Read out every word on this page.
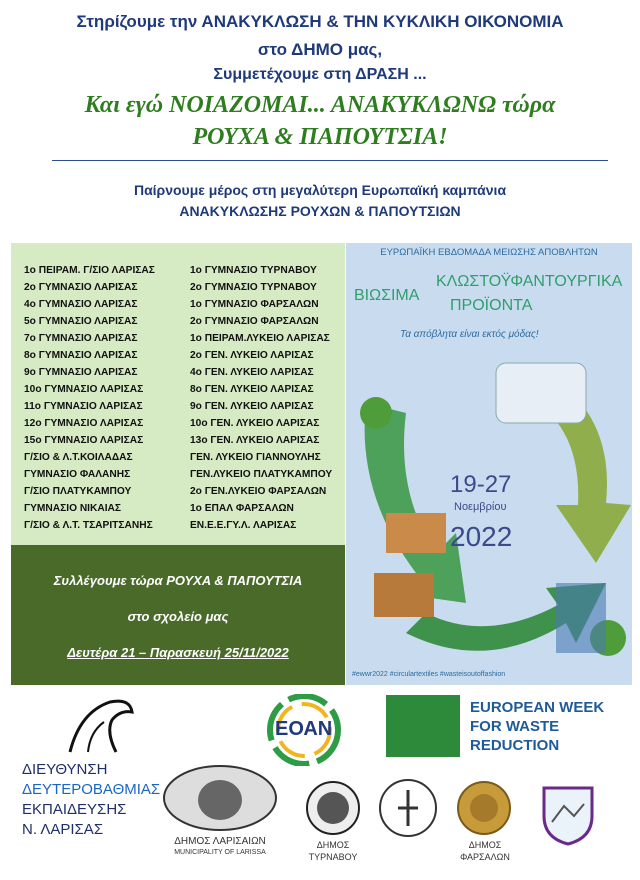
Στηρίζουμε την ΑΝΑΚΥΚΛΩΣΗ & ΤΗΝ ΚΥΚΛΙΚΗ ΟΙΚΟΝΟΜΙΑ
στο ΔΗΜΟ μας,
Συμμετέχουμε στη ΔΡΑΣΗ ...
Και εγώ ΝΟΙΑΖΟΜΑΙ... ΑΝΑΚΥΚΛΩΝΩ τώρα
ΡΟΥΧΑ & ΠΑΠΟΥΤΣΙΑ!
Παίρνουμε μέρος στη μεγαλύτερη Ευρωπαϊκή καμπάνια
ΑΝΑΚΥΚΛΩΣΗΣ ΡΟΥΧΩΝ & ΠΑΠΟΥΤΣΙΩΝ
1ο ΠΕΙΡΑΜ. Γ/ΣΙΟ ΛΑΡΙΣΑΣ
2ο ΓΥΜΝΑΣΙΟ ΛΑΡΙΣΑΣ
4ο ΓΥΜΝΑΣΙΟ ΛΑΡΙΣΑΣ
5ο ΓΥΜΝΑΣΙΟ ΛΑΡΙΣΑΣ
7ο ΓΥΜΝΑΣΙΟ ΛΑΡΙΣΑΣ
8ο ΓΥΜΝΑΣΙΟ ΛΑΡΙΣΑΣ
9ο ΓΥΜΝΑΣΙΟ ΛΑΡΙΣΑΣ
10ο ΓΥΜΝΑΣΙΟ ΛΑΡΙΣΑΣ
11ο ΓΥΜΝΑΣΙΟ ΛΑΡΙΣΑΣ
12ο ΓΥΜΝΑΣΙΟ ΛΑΡΙΣΑΣ
15ο ΓΥΜΝΑΣΙΟ ΛΑΡΙΣΑΣ
Γ/ΣΙΟ & Λ.Τ.ΚΟΙΛΑΔΑΣ
ΓΥΜΝΑΣΙΟ ΦΑΛΑΝΗΣ
Γ/ΣΙΟ ΠΛΑΤΥΚΑΜΠΟΥ
ΓΥΜΝΑΣΙΟ ΝΙΚΑΙΑΣ
Γ/ΣΙΟ & Λ.Τ. ΤΣΑΡΙΤΣΑΝΗΣ
1ο ΓΥΜΝΑΣΙΟ ΤΥΡΝΑΒΟΥ
2ο ΓΥΜΝΑΣΙΟ ΤΥΡΝΑΒΟΥ
1ο ΓΥΜΝΑΣΙΟ ΦΑΡΣΑΛΩΝ
2ο ΓΥΜΝΑΣΙΟ ΦΑΡΣΑΛΩΝ
1ο ΠΕΙΡΑΜ.ΛΥΚΕΙΟ ΛΑΡΙΣΑΣ
2ο ΓΕΝ. ΛΥΚΕΙΟ ΛΑΡΙΣΑΣ
4ο ΓΕΝ. ΛΥΚΕΙΟ ΛΑΡΙΣΑΣ
8ο ΓΕΝ. ΛΥΚΕΙΟ ΛΑΡΙΣΑΣ
9ο ΓΕΝ. ΛΥΚΕΙΟ ΛΑΡΙΣΑΣ
10ο ΓΕΝ. ΛΥΚΕΙΟ ΛΑΡΙΣΑΣ
13ο ΓΕΝ. ΛΥΚΕΙΟ ΛΑΡΙΣΑΣ
ΓΕΝ. ΛΥΚΕΙΟ ΓΙΑΝΝΟΥΛΗΣ
ΓΕΝ.ΛΥΚΕΙΟ ΠΛΑΤΥΚΑΜΠΟΥ
2ο ΓΕΝ.ΛΥΚΕΙΟ ΦΑΡΣΑΛΩΝ
1ο ΕΠΑΛ ΦΑΡΣΑΛΩΝ
ΕΝ.Ε.Ε.ΓΥ.Λ. ΛΑΡΙΣΑΣ
Συλλέγουμε τώρα ΡΟΥΧΑ & ΠΑΠΟΥΤΣΙΑ
στο σχολείο μας
Δευτέρα 21 – Παρασκευή 25/11/2022
ΕΥΡΩΠΑΪΚΗ ΕΒΔΟΜΑΔΑ ΜΕΙΩΣΗΣ ΑΠΟΒΛΗΤΩΝ
ΒΙΩΣΙΜΑ
ΚΛΩΣΤΟΫΦΑΝΤΟΥΡΓΙΚΑ
ΠΡΟΪΟΝΤΑ
Τα απόβλητα είναι εκτός μόδας!
19-27
Νοεμβρίου
2022
#ewwr2022 #circulartextiles #wasteisoutoffashion
ΔΙΕΥΘΥΝΣΗ
ΔΕΥΤΕΡΟΒΑΘΜΙΑΣ
ΕΚΠΑΙΔΕΥΣΗΣ
Ν. ΛΑΡΙΣΑΣ
ΕΟΑΝ
EUROPEAN WEEK
FOR WASTE
REDUCTION
ΔΗΜΟΣ ΛΑΡΙΣΑΙΩΝ
MUNICIPALITY OF LARISSA
ΔΗΜΟΣ
ΤΥΡΝΑΒΟΥ
ΔΗΜΟΣ
ΦΑΡΣΑΛΩΝ
